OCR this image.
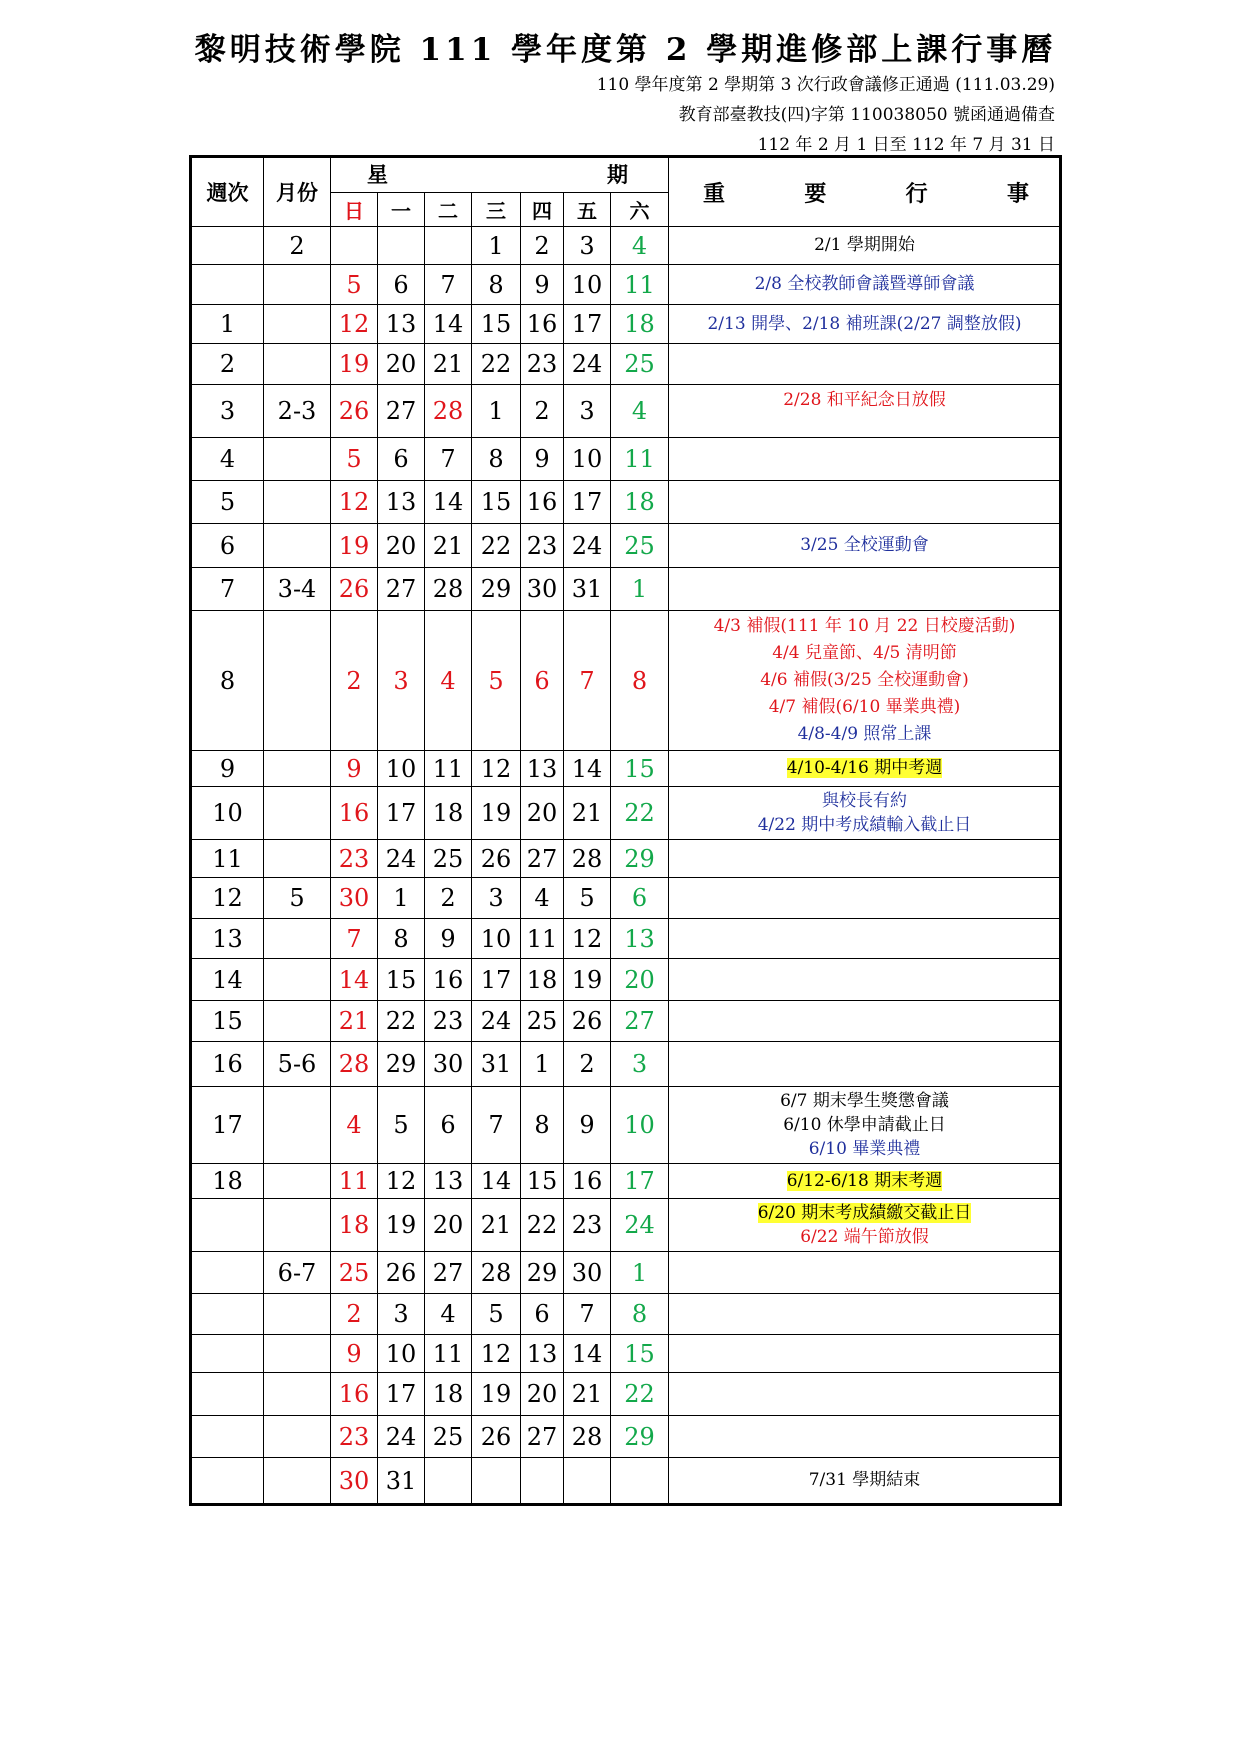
黎明技術學院 111 學年度第 2 學期進修部上課行事曆
110 學年度第 2 學期第 3 次行政會議修正通過 (111.03.29)
教育部臺教技(四)字第 110038050 號函通過備查
112 年 2 月 1 日至 112 年 7 月 31 日
週次	月份	星 期							重 要 行 事

		日	一	二	三	四	五	六	
	2				1	2	3	4	2/1 學期開始

		5	6	7	8	9	10	11	2/8 全校教師會議暨導師會議

1		12	13	14	15	16	17	18	2/13 開學、2/18 補班課(2/27 調整放假)

2		19	20	21	22	23	24	25	
3	2-3	26	27	28	1	2	3	4	2/28 和平紀念日放假

4		5	6	7	8	9	10	11	
5		12	13	14	15	16	17	18	
6		19	20	21	22	23	24	25	3/25 全校運動會

7	3-4	26	27	28	29	30	31	1	
8		2	3	4	5	6	7	8	4/3 補假(111 年 10 月 22 日校慶活動)
4/4 兒童節、4/5 清明節
4/6 補假(3/25 全校運動會)
4/7 補假(6/10 畢業典禮)
4/8-4/9 照常上課

9		9	10	11	12	13	14	15	4/10-4/16 期中考週

10		16	17	18	19	20	21	22	與校長有約
4/22 期中考成績輸入截止日

11		23	24	25	26	27	28	29	
12	5	30	1	2	3	4	5	6	
13		7	8	9	10	11	12	13	
14		14	15	16	17	18	19	20	
15		21	22	23	24	25	26	27	
16	5-6	28	29	30	31	1	2	3	
17		4	5	6	7	8	9	10	6/7 期末學生獎懲會議
6/10 休學申請截止日
6/10 畢業典禮

18		11	12	13	14	15	16	17	6/12-6/18 期末考週

		18	19	20	21	22	23	24	6/20 期末考成績繳交截止日
6/22 端午節放假

	6-7	25	26	27	28	29	30	1	
		2	3	4	5	6	7	8	
		9	10	11	12	13	14	15	
		16	17	18	19	20	21	22	
		23	24	25	26	27	28	29	
		30	31						7/31 學期結束
